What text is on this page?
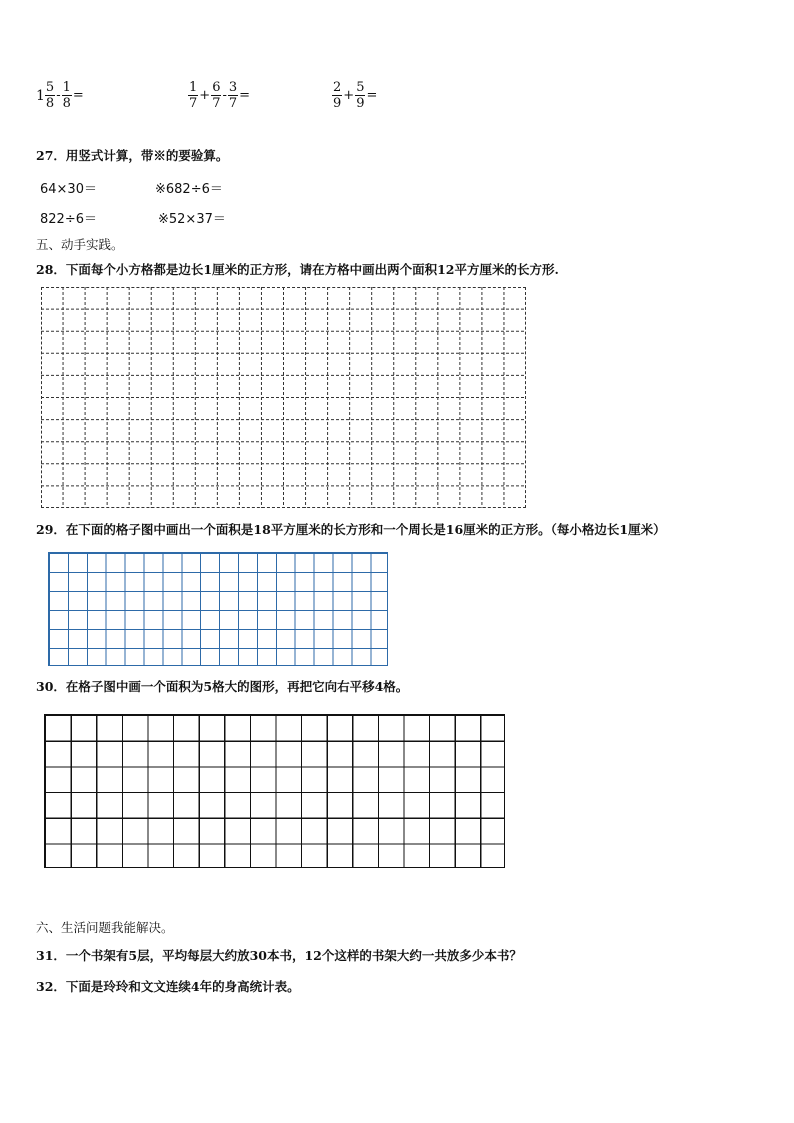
$1 \frac{5}{8} - \frac{1}{8}$ =	$\frac{1}{7} + \frac{6}{7} - \frac{3}{7}$ =	$\frac{2}{9} + \frac{5}{9}$ =
27．用竖式计算，带※的要验算。
64×30＝	※682÷6＝
822÷6＝	※52×37＝
五、动手实践。
28．下面每个小方格都是边长1厘米的正方形，请在方格中画出两个面积12平方厘米的长方形.
29．在下面的格子图中画出一个面积是18平方厘米的长方形和一个周长是16厘米的正方形。（每小格边长1厘米）
30．在格子图中画一个面积为5格大的图形，再把它向右平移4格。
六、生活问题我能解决。
31．一个书架有5层，平均每层大约放30本书，12个这样的书架大约一共放多少本书？
32．下面是玲玲和文文连续4年的身高统计表。
